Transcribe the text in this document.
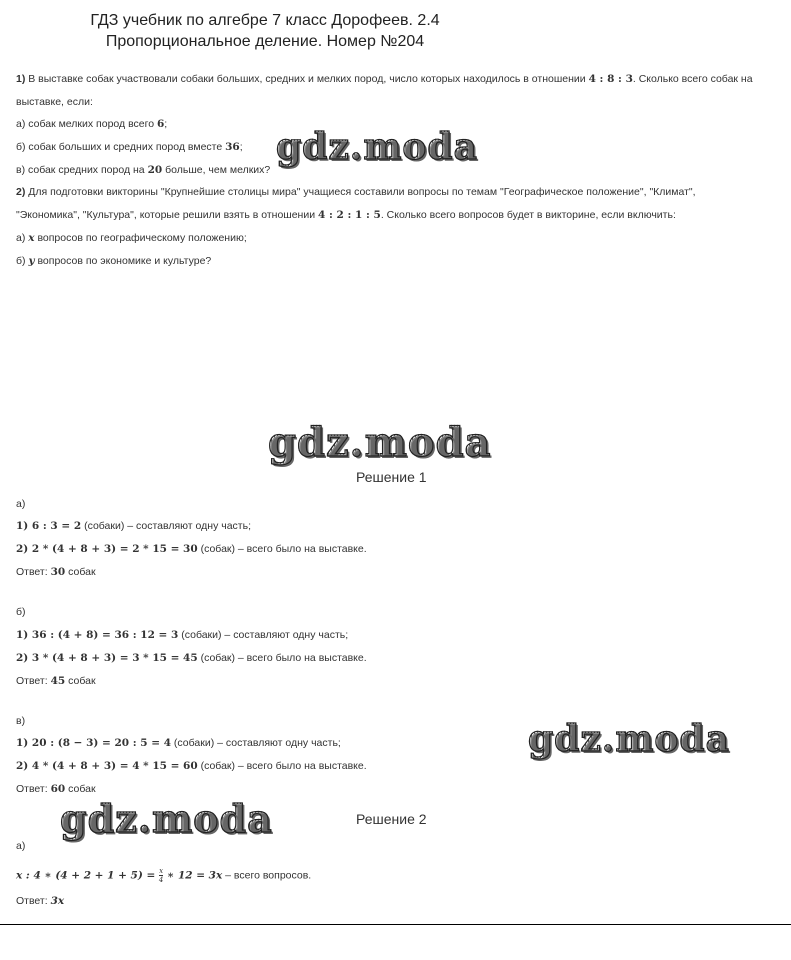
ГДЗ учебник по алгебре 7 класс Дорофеев. 2.4
Пропорциональное деление. Номер №204
1) В выставке собак участвовали собаки больших, средних и мелких пород, число которых находилось в отношении 4 : 8 : 3. Сколько всего собак на
выставке, если:
а) собак мелких пород всего 6;
б) собак больших и средних пород вместе 36;
в) собак средних пород на 20 больше, чем мелких?
2) Для подготовки викторины "Крупнейшие столицы мира" учащиеся составили вопросы по темам "Географическое положение", "Климат",
"Экономика", "Культура", которые решили взять в отношении 4 : 2 : 1 : 5. Сколько всего вопросов будет в викторине, если включить:
а) x вопросов по географическому положению;
б) y вопросов по экономике и культуре?
gdz.moda
gdz.moda
gdz.moda
gdz.moda
Решение 1
а)
1) 6 : 3 = 2 (собаки) – составляют одну часть;
2) 2 * (4 + 8 + 3) = 2 * 15 = 30 (собак) – всего было на выставке.
Ответ: 30 собак
б)
1) 36 : (4 + 8) = 36 : 12 = 3 (собаки) – составляют одну часть;
2) 3 * (4 + 8 + 3) = 3 * 15 = 45 (собак) – всего было на выставке.
Ответ: 45 собак
в)
1) 20 : (8 − 3) = 20 : 5 = 4 (собаки) – составляют одну часть;
2) 4 * (4 + 8 + 3) = 4 * 15 = 60 (собак) – всего было на выставке.
Ответ: 60 собак
Решение 2
а)
x : 4 ∗ $(4 + 2 + 1 + 5) = \frac{x}{4}$ ∗ 12 = 3x – всего вопросов.
Ответ: 3x
